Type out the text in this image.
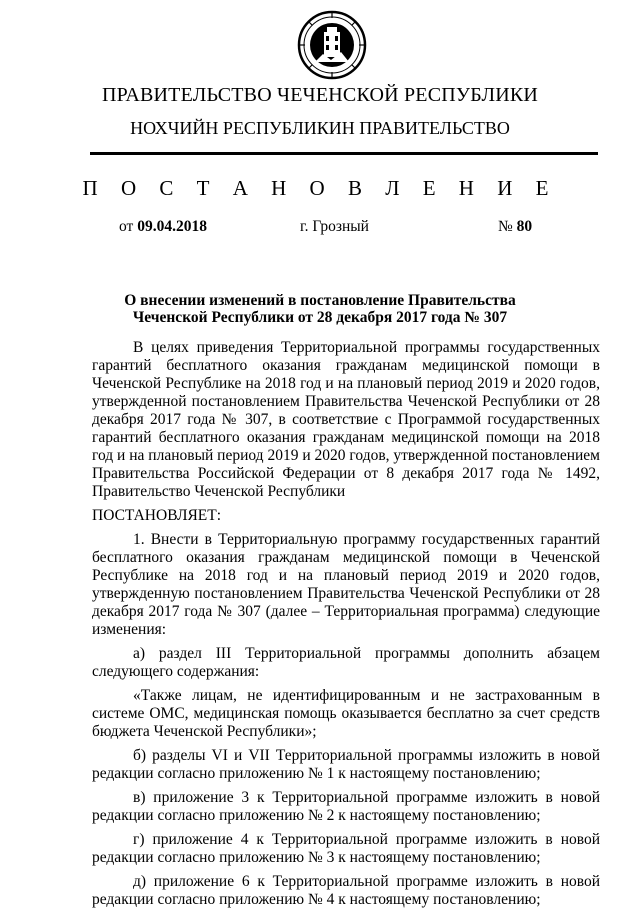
ПРАВИТЕЛЬСТВО ЧЕЧЕНСКОЙ РЕСПУБЛИКИ
НОХЧИЙН РЕСПУБЛИКИН ПРАВИТЕЛЬСТВО
П О С Т А Н О В Л Е Н И Е
от 09.04.2018	г. Грозный	№ 80
О внесении изменений в постановление Правительства
Чеченской Республики от 28 декабря 2017 года № 307

В целях приведения Территориальной программы государственных гарантий бесплатного оказания гражданам медицинской помощи в Чеченской Республике на 2018 год и на плановый период 2019 и 2020 годов, утвержденной постановлением Правительства Чеченской Республики от 28 декабря 2017 года № 307, в соответствие с Программой государственных гарантий бесплатного оказания гражданам медицинской помощи на 2018 год и на плановый период 2019 и 2020 годов, утвержденной постановлением Правительства Российской Федерации от 8 декабря 2017 года № 1492, Правительство Чеченской Республики

ПОСТАНОВЛЯЕТ:

1. Внести в Территориальную программу государственных гарантий бесплатного оказания гражданам медицинской помощи в Чеченской Республике на 2018 год и на плановый период 2019 и 2020 годов, утвержденную постановлением Правительства Чеченской Республики от 28 декабря 2017 года № 307 (далее – Территориальная программа) следующие изменения:

а) раздел III Территориальной программы дополнить абзацем следующего содержания:

«Также лицам, не идентифицированным и не застрахованным в системе ОМС, медицинская помощь оказывается бесплатно за счет средств бюджета Чеченской Республики»;

б) разделы VI и VII Территориальной программы изложить в новой редакции согласно приложению № 1 к настоящему постановлению;

в) приложение 3 к Территориальной программе изложить в новой редакции согласно приложению № 2 к настоящему постановлению;

г) приложение 4 к Территориальной программе изложить в новой редакции согласно приложению № 3 к настоящему постановлению;

д) приложение 6 к Территориальной программе изложить в новой редакции согласно приложению № 4 к настоящему постановлению;
